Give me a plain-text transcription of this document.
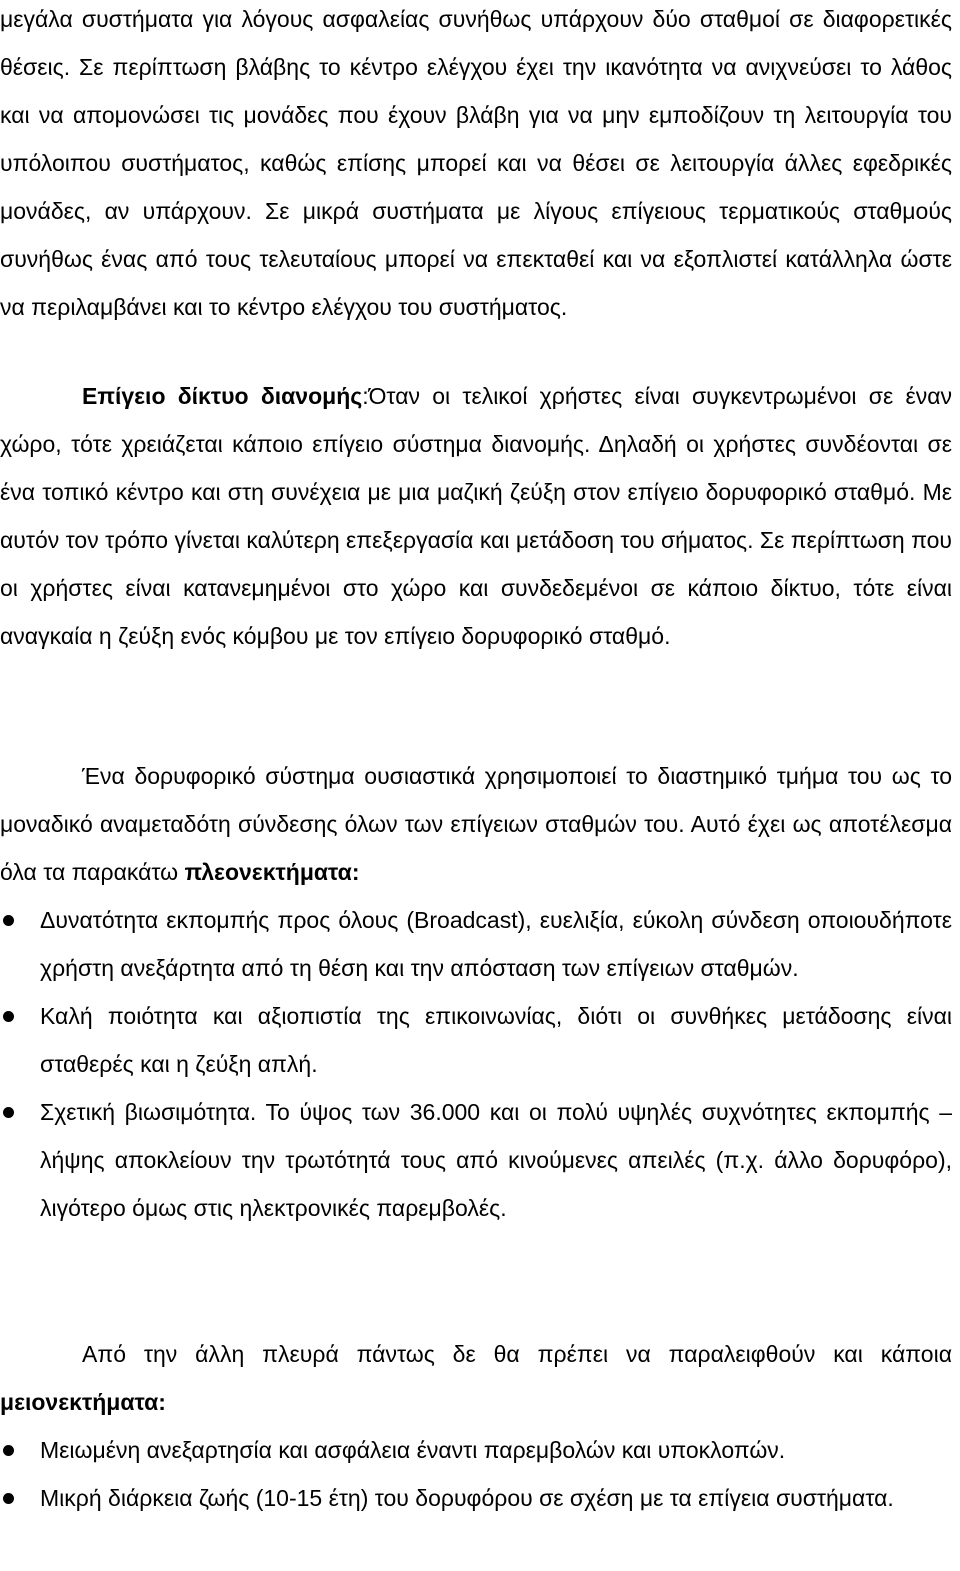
μεγάλα συστήματα για λόγους ασφαλείας συνήθως υπάρχουν δύο σταθμοί σε διαφορετικές θέσεις. Σε περίπτωση βλάβης το κέντρο ελέγχου έχει την ικανότητα να ανιχνεύσει το λάθος και να απομονώσει τις μονάδες που έχουν βλάβη για να μην εμποδίζουν τη λειτουργία του υπόλοιπου συστήματος, καθώς επίσης μπορεί και να θέσει σε λειτουργία άλλες εφεδρικές μονάδες, αν υπάρχουν. Σε μικρά συστήματα με λίγους επίγειους τερματικούς σταθμούς συνήθως ένας από τους τελευταίους μπορεί να επεκταθεί και να εξοπλιστεί κατάλληλα ώστε να περιλαμβάνει και το κέντρο ελέγχου του συστήματος.

Επίγειο δίκτυο διανομής:Όταν οι τελικοί χρήστες είναι συγκεντρωμένοι σε έναν χώρο, τότε χρειάζεται κάποιο επίγειο σύστημα διανομής. Δηλαδή οι χρήστες συνδέονται σε ένα τοπικό κέντρο και στη συνέχεια με μια μαζική ζεύξη στον επίγειο δορυφορικό σταθμό. Με αυτόν τον τρόπο γίνεται καλύτερη επεξεργασία και μετάδοση του σήματος. Σε περίπτωση που οι χρήστες είναι κατανεμημένοι στο χώρο και συνδεδεμένοι σε κάποιο δίκτυο, τότε είναι αναγκαία η ζεύξη ενός κόμβου με τον επίγειο δορυφορικό σταθμό.

Ένα δορυφορικό σύστημα ουσιαστικά χρησιμοποιεί το διαστημικό τμήμα του ως το μοναδικό αναμεταδότη σύνδεσης όλων των επίγειων σταθμών του. Αυτό έχει ως αποτέλεσμα όλα τα παρακάτω πλεονεκτήματα:

Δυνατότητα εκπομπής προς όλους (Broadcast), ευελιξία, εύκολη σύνδεση οποιουδήποτε χρήστη ανεξάρτητα από τη θέση και την απόσταση των επίγειων σταθμών.
Καλή ποιότητα και αξιοπιστία της επικοινωνίας, διότι οι συνθήκες μετάδοσης είναι σταθερές και η ζεύξη απλή.
Σχετική βιωσιμότητα. Το ύψος των 36.000 και οι πολύ υψηλές συχνότητες εκπομπής – λήψης αποκλείουν την τρωτότητά τους από κινούμενες απειλές (π.χ. άλλο δορυφόρο), λιγότερο όμως στις ηλεκτρονικές παρεμβολές.

Από την άλλη πλευρά πάντως δε θα πρέπει να παραλειφθούν και κάποια μειονεκτήματα:

Μειωμένη ανεξαρτησία και ασφάλεια έναντι παρεμβολών και υποκλοπών.
Μικρή διάρκεια ζωής (10-15 έτη) του δορυφόρου σε σχέση με τα επίγεια συστήματα.
